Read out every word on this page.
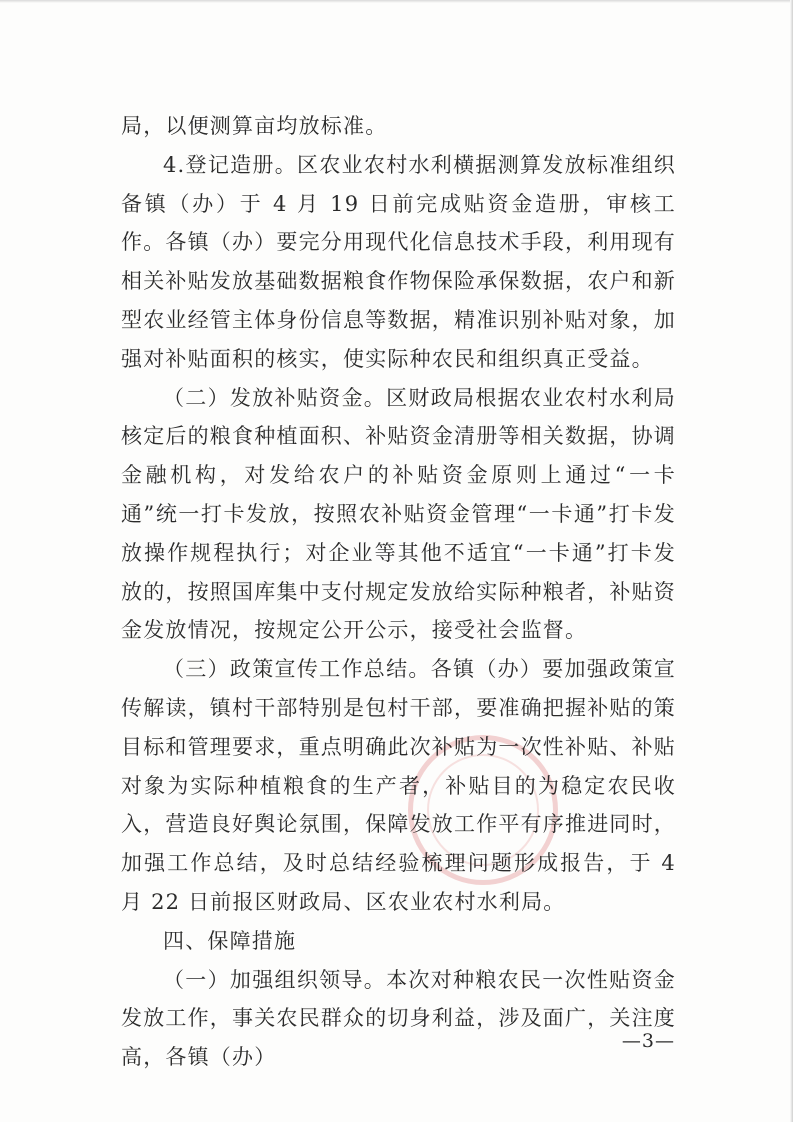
局，以便测算亩均放标准。

4.登记造册。区农业农村水利横据测算发放标准组织备镇（办）于 4 月 19 日前完成贴资金造册，审核工作。各镇（办）要完分用现代化信息技术手段，利用现有相关补贴发放基础数据粮食作物保险承保数据，农户和新型农业经管主体身份信息等数据，精准识别补贴对象，加强对补贴面积的核实，使实际种农民和组织真正受益。

（二）发放补贴资金。区财政局根据农业农村水利局核定后的粮食种植面积、补贴资金清册等相关数据，协调金融机构，对发给农户的补贴资金原则上通过“一卡通”统一打卡发放，按照农补贴资金管理“一卡通”打卡发放操作规程执行；对企业等其他不适宜“一卡通”打卡发放的，按照国库集中支付规定发放给实际种粮者，补贴资金发放情况，按规定公开公示，接受社会监督。

（三）政策宣传工作总结。各镇（办）要加强政策宣传解读，镇村干部特别是包村干部，要准确把握补贴的策目标和管理要求，重点明确此次补贴为一次性补贴、补贴对象为实际种植粮食的生产者，补贴目的为稳定农民收入，营造良好舆论氛围，保障发放工作平有序推进同时，加强工作总结，及时总结经验梳理问题形成报告，于 4 月 22 日前报区财政局、区农业农村水利局。

四、保障措施

（一）加强组织领导。本次对种粮农民一次性贴资金发放工作，事关农民群众的切身利益，涉及面广，关注度高，各镇（办）

—3—
